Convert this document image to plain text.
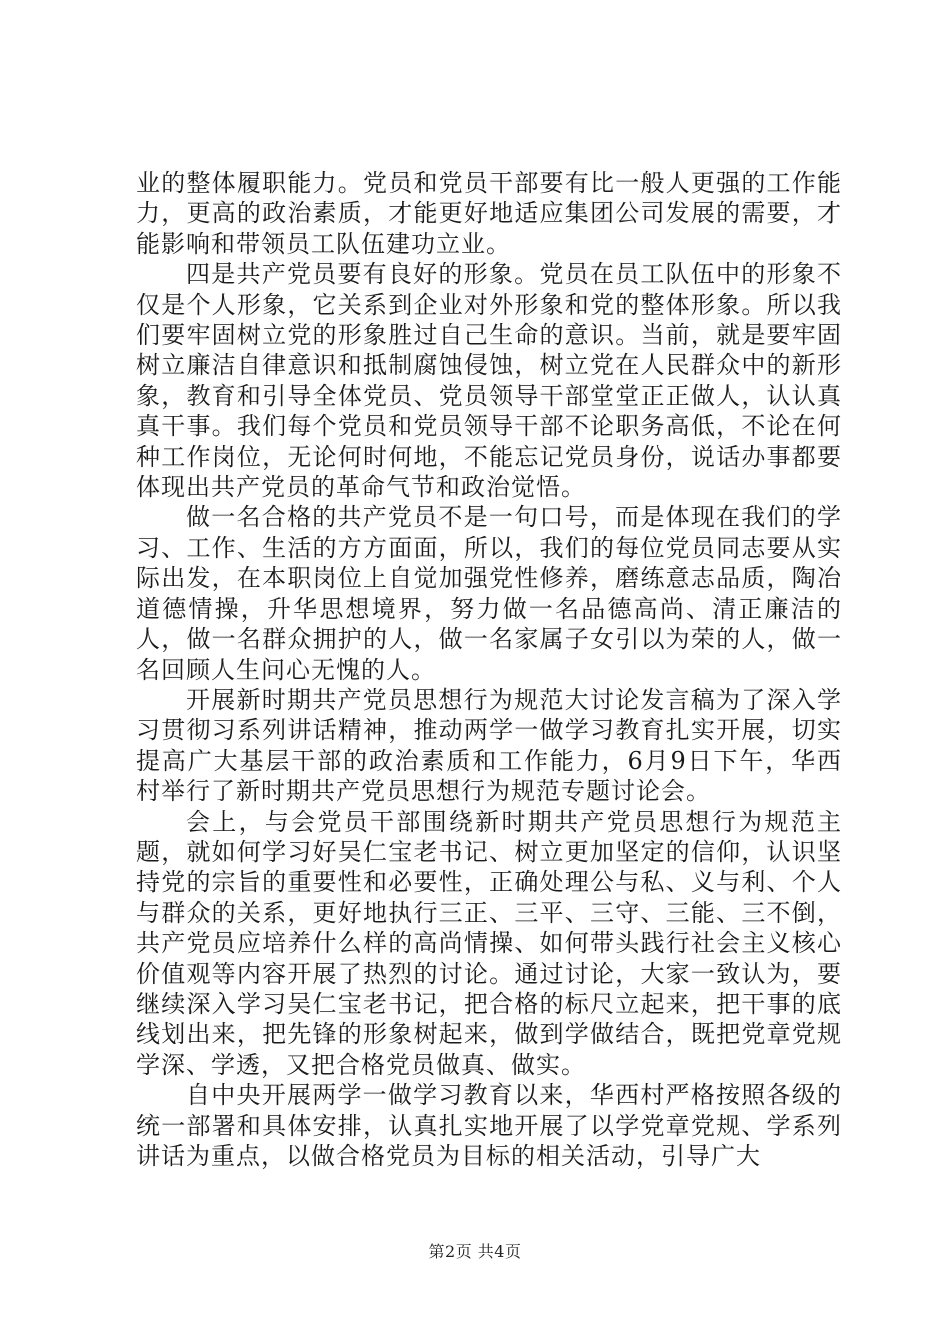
业的整体履职能力。党员和党员干部要有比一般人更强的工作能力，更高的政治素质，才能更好地适应集团公司发展的需要，才能影响和带领员工队伍建功立业。

四是共产党员要有良好的形象。党员在员工队伍中的形象不仅是个人形象，它关系到企业对外形象和党的整体形象。所以我们要牢固树立党的形象胜过自己生命的意识。当前，就是要牢固树立廉洁自律意识和抵制腐蚀侵蚀，树立党在人民群众中的新形象，教育和引导全体党员、党员领导干部堂堂正正做人，认认真真干事。我们每个党员和党员领导干部不论职务高低，不论在何种工作岗位，无论何时何地，不能忘记党员身份，说话办事都要体现出共产党员的革命气节和政治觉悟。

做一名合格的共产党员不是一句口号，而是体现在我们的学习、工作、生活的方方面面，所以，我们的每位党员同志要从实际出发，在本职岗位上自觉加强党性修养，磨练意志品质，陶冶道德情操，升华思想境界，努力做一名品德高尚、清正廉洁的人，做一名群众拥护的人，做一名家属子女引以为荣的人，做一名回顾人生问心无愧的人。

开展新时期共产党员思想行为规范大讨论发言稿为了深入学习贯彻习系列讲话精神，推动两学一做学习教育扎实开展，切实提高广大基层干部的政治素质和工作能力，6月9日下午，华西村举行了新时期共产党员思想行为规范专题讨论会。

会上，与会党员干部围绕新时期共产党员思想行为规范主题，就如何学习好吴仁宝老书记、树立更加坚定的信仰，认识坚持党的宗旨的重要性和必要性，正确处理公与私、义与利、个人与群众的关系，更好地执行三正、三平、三守、三能、三不倒，共产党员应培养什么样的高尚情操、如何带头践行社会主义核心价值观等内容开展了热烈的讨论。通过讨论，大家一致认为，要继续深入学习吴仁宝老书记，把合格的标尺立起来，把干事的底线划出来，把先锋的形象树起来，做到学做结合，既把党章党规学深、学透，又把合格党员做真、做实。

自中央开展两学一做学习教育以来，华西村严格按照各级的统一部署和具体安排，认真扎实地开展了以学党章党规、学系列讲话为重点，以做合格党员为目标的相关活动，引导广大

第2页 共4页
